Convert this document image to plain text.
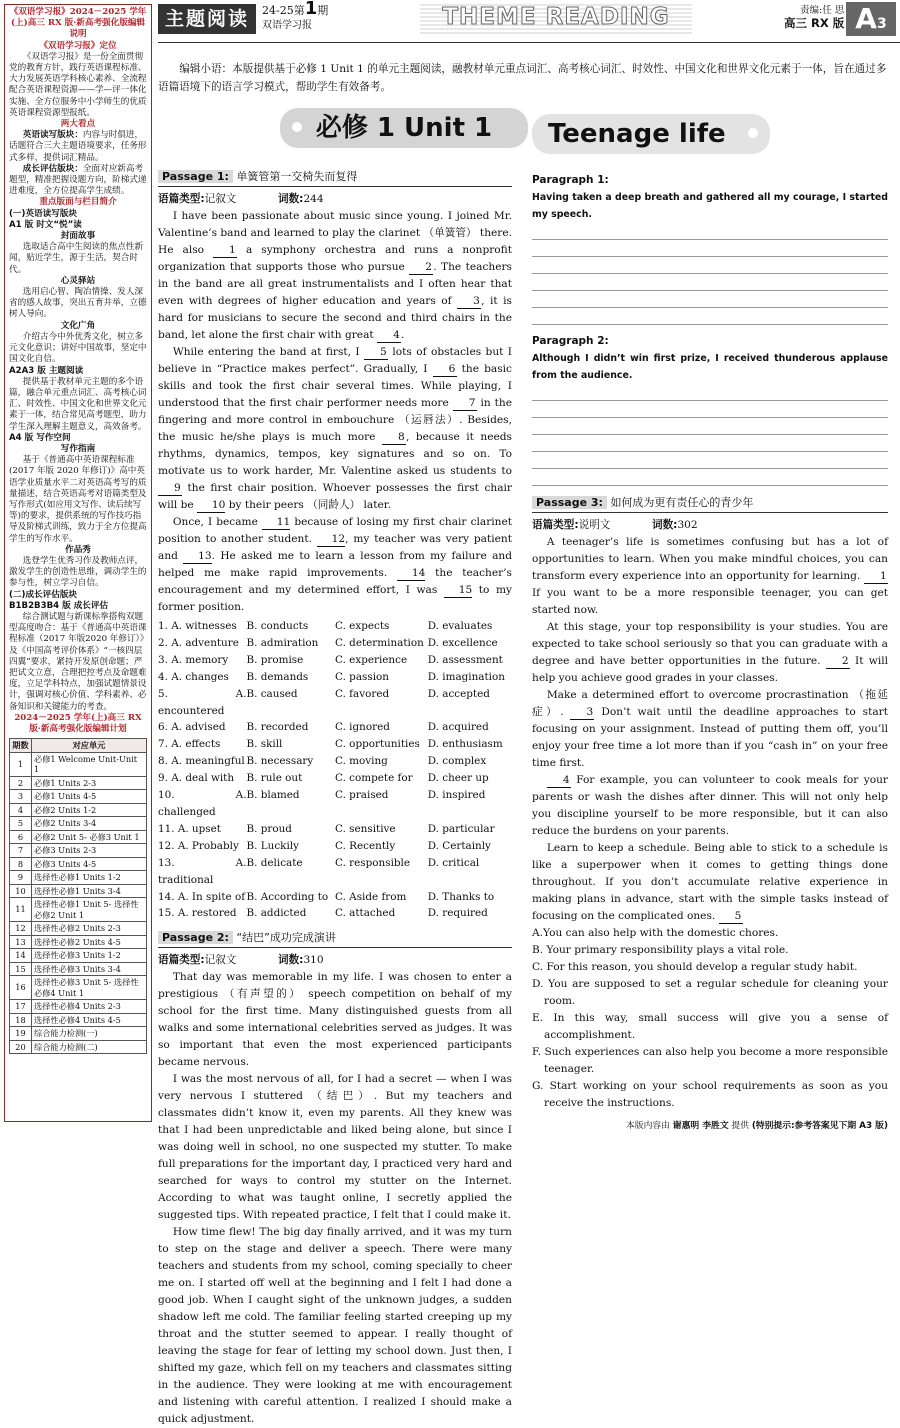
《双语学习报》2024－2025 学年(上)高三 RX 版·新高考强化版编辑说明
《双语学习报》定位

《双语学习报》是一份全面贯彻党的教育方针，践行英语课程标准、大力发展英语学科核心素养、全流程配合英语课程资源——学—评一体化实施、全方位服务中小学师生的优质英语课程资源型报纸。

两大看点

英语读写版块：内容与时俱进，话题符合三大主题语境要求，任务形式多样，提供词汇精品。

成长评估版块：全面对应新高考题型，精准把握设题方向，阶梯式递进难度，全方位提高学生成绩。

重点版面与栏目简介
(一)英语读写版块
A1 版 时文“悦”读
封面故事

选取适合高中生阅读的焦点性新闻，贴近学生，源于生活，契合时代。

心灵驿站

选用启心智、陶冶情操、发人深省的感人故事，突出五育并举，立德树人导向。

文化广角

介绍古今中外优秀文化，树立多元文化意识；讲好中国故事，坚定中国文化自信。

A2A3 版 主题阅读

提供基于教材单元主题的多个语篇，融合单元重点词汇、高考核心词汇、时效性、中国文化和世界文化元素于一体，结合常见高考题型，助力学生深入理解主题意义，高效备考。

A4 版 写作空间
写作指南

基于《普通高中英语课程标准(2017 年版 2020 年修订)》高中英语学业质量水平二对英语高考写的质量描述，结合英语高考对语篇类型及写作形式(如应用文写作、读后续写等)的要求，提供系统的写作技巧指导及阶梯式训练，致力于全方位提高学生的写作水平。

作品秀

选登学生优秀习作及教师点评，激发学生的创造性思维，调动学生的参与性，树立学习自信。

(二)成长评估版块
B1B2B3B4 版 成长评估

综合测试题与新课标拳搭构双题型高度吻合：基于《普通高中英语课程标准（2017 年版2020 年修订）》及《中国高考评价体系》“一核四层四翼”要求，紧持开发原创命题；严把试文立意，合理把控考点及命题难度，立足学科特点，加强试题情景设计，强调对核心价值、学科素养、必备知识和关键能力的考查。

2024－2025 学年(上)高三 RX 版·新高考强化版编辑计划
期数	对应单元
1	必修1 Welcome Unit-Unit 1
2	必修1 Units 2-3
3	必修1 Units 4-5
4	必修2 Units 1-2
5	必修2 Units 3-4
6	必修2 Unit 5- 必修3 Unit 1
7	必修3 Units 2-3
8	必修3 Units 4-5
9	选择性必修1 Units 1-2
10	选择性必修1 Units 3-4
11	选择性必修1 Unit 5- 选择性必修2 Unit 1
12	选择性必修2 Units 2-3
13	选择性必修2 Units 4-5
14	选择性必修3 Units 1-2
15	选择性必修3 Units 3-4
16	选择性必修3 Unit 5- 选择性必修4 Unit 1
17	选择性必修4 Units 2-3
18	选择性必修4 Units 4-5
19	综合能力检测(一)
20	综合能力检测(二)
主题阅读	24-25第1期
双语学习报	THEME READING	责编:任 思
高三 RX 版 A3
编辑小语：本版提供基于必修 1 Unit 1 的单元主题阅读，融教材单元重点词汇、高考核心词汇、时效性、中国文化和世界文化元素于一体，旨在通过多语篇语境下的语言学习模式，帮助学生有效备考。
必修 1 Unit 1	Teenage life
Passage 1: 单簧管第一交椅失而复得
语篇类型:记叙文	词数:244
I have been passionate about music since young. I joined Mr. Valentine’s band and learned to play the clarinet （单簧管） there. He also 1 a symphony orchestra and runs a nonprofit organization that supports those who pursue 2. The teachers in the band are all great instrumentalists and I often hear that even with degrees of higher education and years of 3, it is hard for musicians to secure the second and third chairs in the band, let alone the first chair with great 4.
While entering the band at first, I 5 lots of obstacles but I believe in “Practice makes perfect”. Gradually, I 6 the basic skills and took the first chair several times. While playing, I understood that the first chair performer needs more 7 in the fingering and more control in embouchure （运唇法）. Besides, the music he/she plays is much more 8, because it needs rhythms, dynamics, tempos, key signatures and so on. To motivate us to work harder, Mr. Valentine asked us students to 9 the first chair position. Whoever possesses the first chair will be 10 by their peers （同龄人） later.
Once, I became 11 because of losing my first chair clarinet position to another student. 12, my teacher was very patient and 13. He asked me to learn a lesson from my failure and helped me make rapid improvements. 14 the teacher’s encouragement and my determined effort, I was 15 to my former position.
1. A. witnesses B. conducts	C. expects	D. evaluates
2. A. adventure B. admiration	C. determination D. excellence
3. A. memory	B. promise	C. experience	D. assessment
4. A. changes	B. demands	C. passion	D. imagination
5. A. encountered
B. caused	C. favored	D. accepted
6. A. advised	B. recorded	C. ignored	D. acquired
7. A. effects	B. skill	C. opportunities D. enthusiasm
8. A. meaningful B. necessary	C. moving	D. complex
9. A. deal with	B. rule out	C. compete for	D. cheer up
10. A. challenged
B. blamed	C. praised	D. inspired
11. A. upset	B. proud	C. sensitive	D. particular
12. A. Probably B. Luckily	C. Recently	D. Certainly
13. A. traditional
B. delicate	C. responsible	D. critical
14. A. In spite of B. According to C. Aside from	D. Thanks to
15. A. restored B. addicted	C. attached	D. required
Passage 2: “结巴”成功完成演讲
语篇类型:记叙文	词数:310
That day was memorable in my life. I was chosen to enter a prestigious （有声望的） speech competition on behalf of my school for the first time. Many distinguished guests from all walks and some international celebrities served as judges. It was so important that even the most experienced participants became nervous.
I was the most nervous of all, for I had a secret — when I was very nervous I stuttered （结巴）. But my teachers and classmates didn’t know it, even my parents. All they knew was that I had been unpredictable and liked being alone, but since I was doing well in school, no one suspected my stutter. To make full preparations for the important day, I practiced very hard and searched for ways to control my stutter on the Internet. According to what was taught online, I secretly applied the suggested tips. With repeated practice, I felt that I could make it.
How time flew! The big day finally arrived, and it was my turn to step on the stage and deliver a speech. There were many teachers and students from my school, coming specially to cheer me on. I started off well at the beginning and I felt I had done a good job. When I caught sight of the unknown judges, a sudden shadow left me cold. The familiar feeling started creeping up my throat and the stutter seemed to appear. I really thought of leaving the stage for fear of letting my school down. Just then, I shifted my gaze, which fell on my teachers and classmates sitting in the audience. They were looking at me with encouragement and listening with careful attention. I realized I should make a quick adjustment.
Paragraph 1:
Having taken a deep breath and gathered all my courage, I started my speech.
Paragraph 2:
Although I didn’t win first prize, I received thunderous applause from the audience.
Passage 3: 如何成为更有责任心的青少年
语篇类型:说明文	词数:302
A teenager’s life is sometimes confusing but has a lot of opportunities to learn. When you make mindful choices, you can transform every experience into an opportunity for learning. 1 If you want to be a more responsible teenager, you can get started now.
At this stage, your top responsibility is your studies. You are expected to take school seriously so that you can graduate with a degree and have better opportunities in the future. 2 It will help you achieve good grades in your classes.
Make a determined effort to overcome procrastination （拖延症）. 3 Don’t wait until the deadline approaches to start focusing on your assignment. Instead of putting them off, you’ll enjoy your free time a lot more than if you “cash in” on your free time first.
4 For example, you can volunteer to cook meals for your parents or wash the dishes after dinner. This will not only help you discipline yourself to be more responsible, but it can also reduce the burdens on your parents.
Learn to keep a schedule. Being able to stick to a schedule is like a superpower when it comes to getting things done throughout. If you don’t accumulate relative experience in making plans in advance, start with the simple tasks instead of focusing on the complicated ones. 5
A.You can also help with the domestic chores.
B. Your primary responsibility plays a vital role.
C. For this reason, you should develop a regular study habit.
D. You are supposed to set a regular schedule for cleaning your room.
E. In this way, small success will give you a sense of accomplishment.
F. Such experiences can also help you become a more responsible teenager.
G. Start working on your school requirements as soon as you receive the instructions.
本版内容由 谢惠明 李胜文 提供 (特别提示:参考答案见下期 A3 版)
